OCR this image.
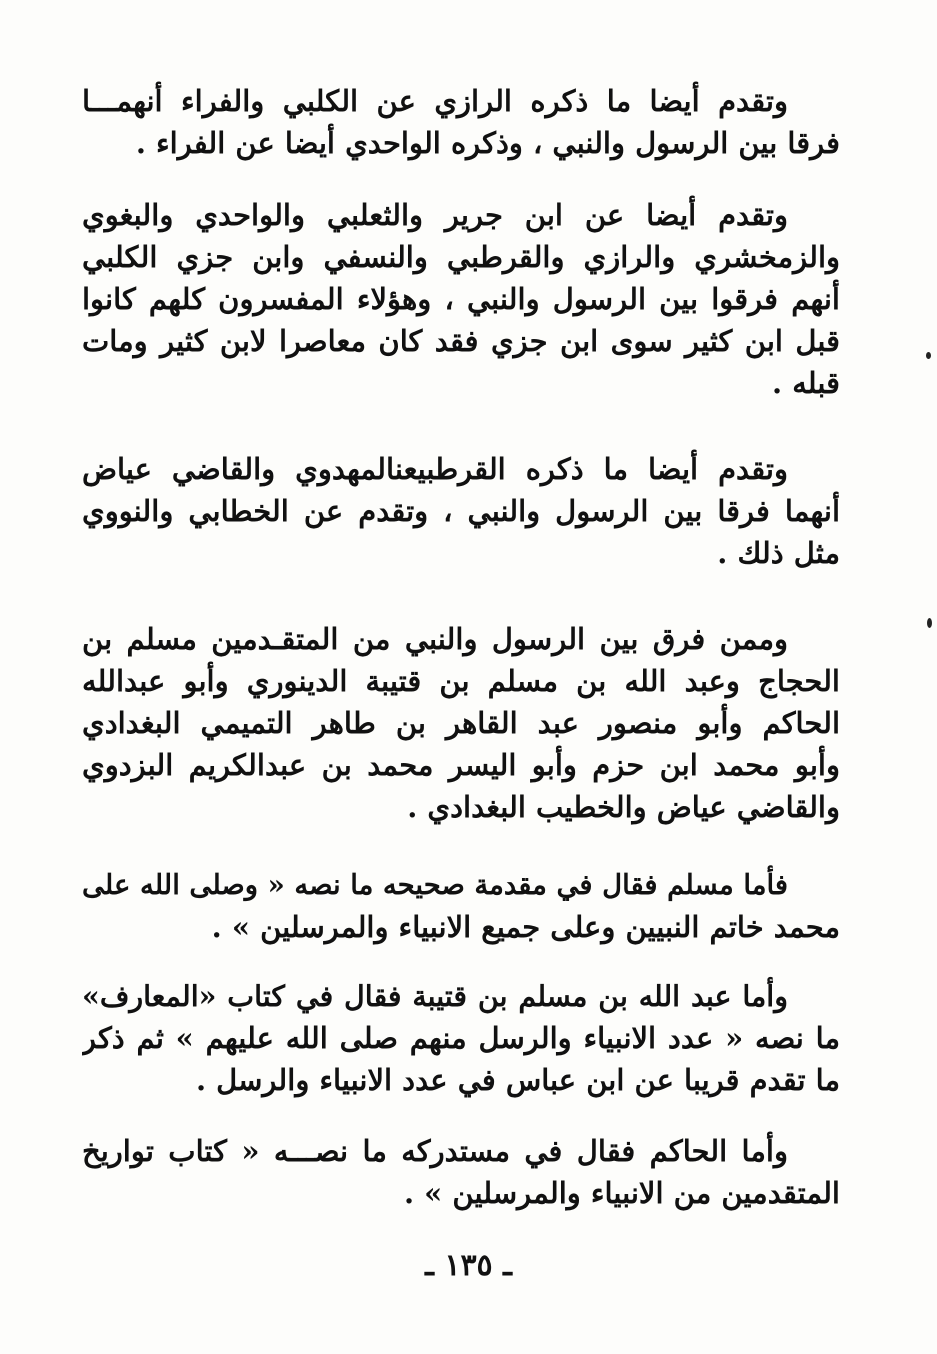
وتقدم أيضا ما ذكره الرازي عن الكلبي والفراء أنهمـــا
فرقا بين الرسول والنبي ، وذكره الواحدي أيضا عن الفراء .
وتقدم أيضا عن ابن جرير والثعلبي والواحدي والبغوي
والزمخشري والرازي والقرطبي والنسفي وابن جزي الكلبي
أنهم فرقوا بين الرسول والنبي ، وهؤلاء المفسرون كلهم كانوا
قبل ابن كثير سوى ابن جزي فقد كان معاصرا لابن كثير ومات
قبله .
وتقدم أيضا ما ذكره القرطبيعنالمهدوي والقاضي عياض
أنهما فرقا بين الرسول والنبي ، وتقدم عن الخطابي والنووي
مثل ذلك .
وممن فرق بين الرسول والنبي من المتقـدمين مسلم بن
الحجاج وعبد الله بن مسلم بن قتيبة الدينوري وأبو عبدالله
الحاكم وأبو منصور عبد القاهر بن طاهر التميمي البغدادي
وأبو محمد ابن حزم وأبو اليسر محمد بن عبدالكريم البزدوي
والقاضي عياض والخطيب البغدادي .
فأما مسلم فقال في مقدمة صحيحه ما نصه « وصلى الله على
محمد خاتم النبيين وعلى جميع الانبياء والمرسلين » .
وأما عبد الله بن مسلم بن قتيبة فقال في كتاب «المعارف»
ما نصه « عدد الانبياء والرسل منهم صلى الله عليهم » ثم ذكر
ما تقدم قريبا عن ابن عباس في عدد الانبياء والرسل .
وأما الحاكم فقال في مستدركه ما نصـــه « كتاب تواريخ
المتقدمين من الانبياء والمرسلين » .
ـ ١٣٥ ـ
